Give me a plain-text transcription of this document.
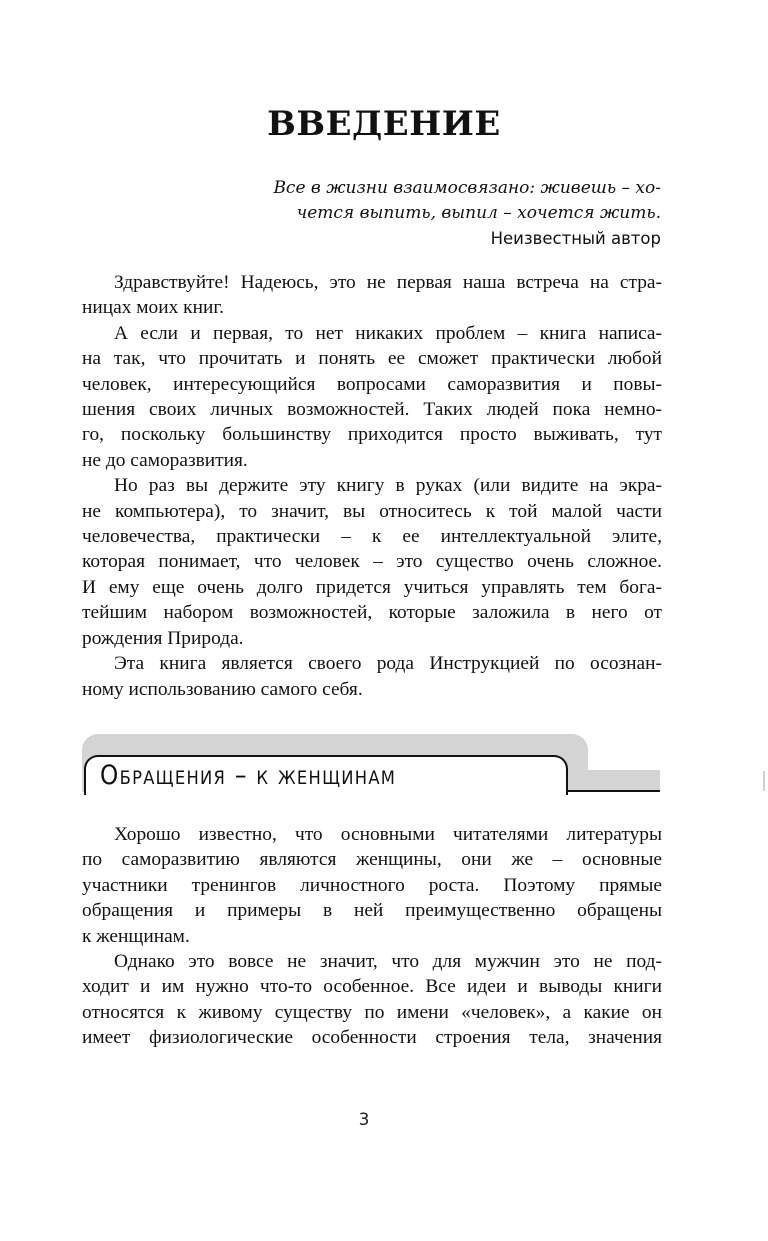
ВВЕДЕНИЕ
Все в жизни взаимосвязано: живешь – хо-
чется выпить, выпил – хочется жить.
Неизвестный автор
Здравствуйте! Надеюсь, это не первая наша встреча на стра-
ницах моих книг.
А если и первая, то нет никаких проблем – книга написа-
на так, что прочитать и понять ее сможет практически любой
человек, интересующийся вопросами саморазвития и повы-
шения своих личных возможностей. Таких людей пока немно-
го, поскольку большинству приходится просто выживать, тут
не до саморазвития.
Но раз вы держите эту книгу в руках (или видите на экра-
не компьютера), то значит, вы относитесь к той малой части
человечества, практически – к ее интеллектуальной элите,
которая понимает, что человек – это существо очень сложное.
И ему еще очень долго придется учиться управлять тем бога-
тейшим набором возможностей, которые заложила в него от
рождения Природа.
Эта книга является своего рода Инструкцией по осознан-
ному использованию самого себя.
Обращения – к женщинам
Хорошо известно, что основными читателями литературы
по саморазвитию являются женщины, они же – основные
участники тренингов личностного роста. Поэтому прямые
обращения и примеры в ней преимущественно обращены
к женщинам.
Однако это вовсе не значит, что для мужчин это не под-
ходит и им нужно что-то особенное. Все идеи и выводы книги
относятся к живому существу по имени «человек», а какие он
имеет физиологические особенности строения тела, значения
3
